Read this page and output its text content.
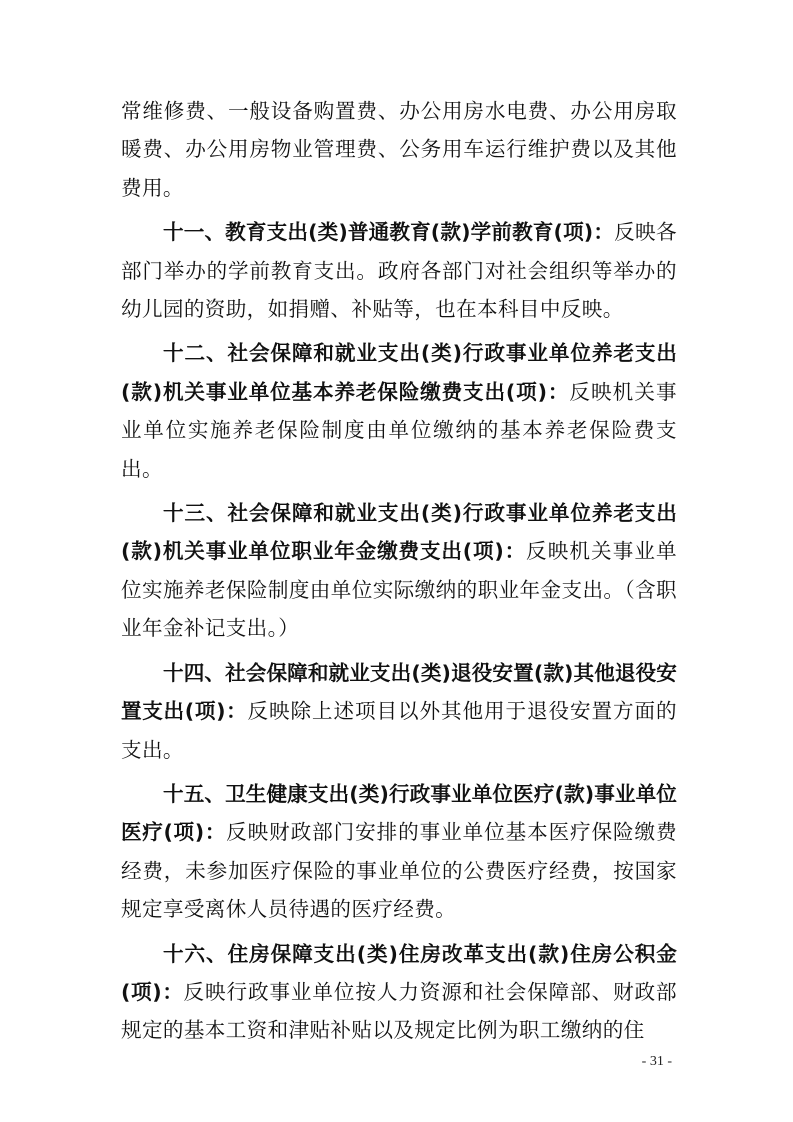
常维修费、一般设备购置费、办公用房水电费、办公用房取暖费、办公用房物业管理费、公务用车运行维护费以及其他费用。

十一、教育支出(类)普通教育(款)学前教育(项)：反映各部门举办的学前教育支出。政府各部门对社会组织等举办的幼儿园的资助，如捐赠、补贴等，也在本科目中反映。

十二、社会保障和就业支出(类)行政事业单位养老支出(款)机关事业单位基本养老保险缴费支出(项)：反映机关事业单位实施养老保险制度由单位缴纳的基本养老保险费支出。

十三、社会保障和就业支出(类)行政事业单位养老支出(款)机关事业单位职业年金缴费支出(项)：反映机关事业单位实施养老保险制度由单位实际缴纳的职业年金支出。（含职业年金补记支出。）

十四、社会保障和就业支出(类)退役安置(款)其他退役安置支出(项)：反映除上述项目以外其他用于退役安置方面的支出。

十五、卫生健康支出(类)行政事业单位医疗(款)事业单位医疗(项)：反映财政部门安排的事业单位基本医疗保险缴费经费，未参加医疗保险的事业单位的公费医疗经费，按国家规定享受离休人员待遇的医疗经费。

十六、住房保障支出(类)住房改革支出(款)住房公积金(项)：反映行政事业单位按人力资源和社会保障部、财政部规定的基本工资和津贴补贴以及规定比例为职工缴纳的住

- 31 -
